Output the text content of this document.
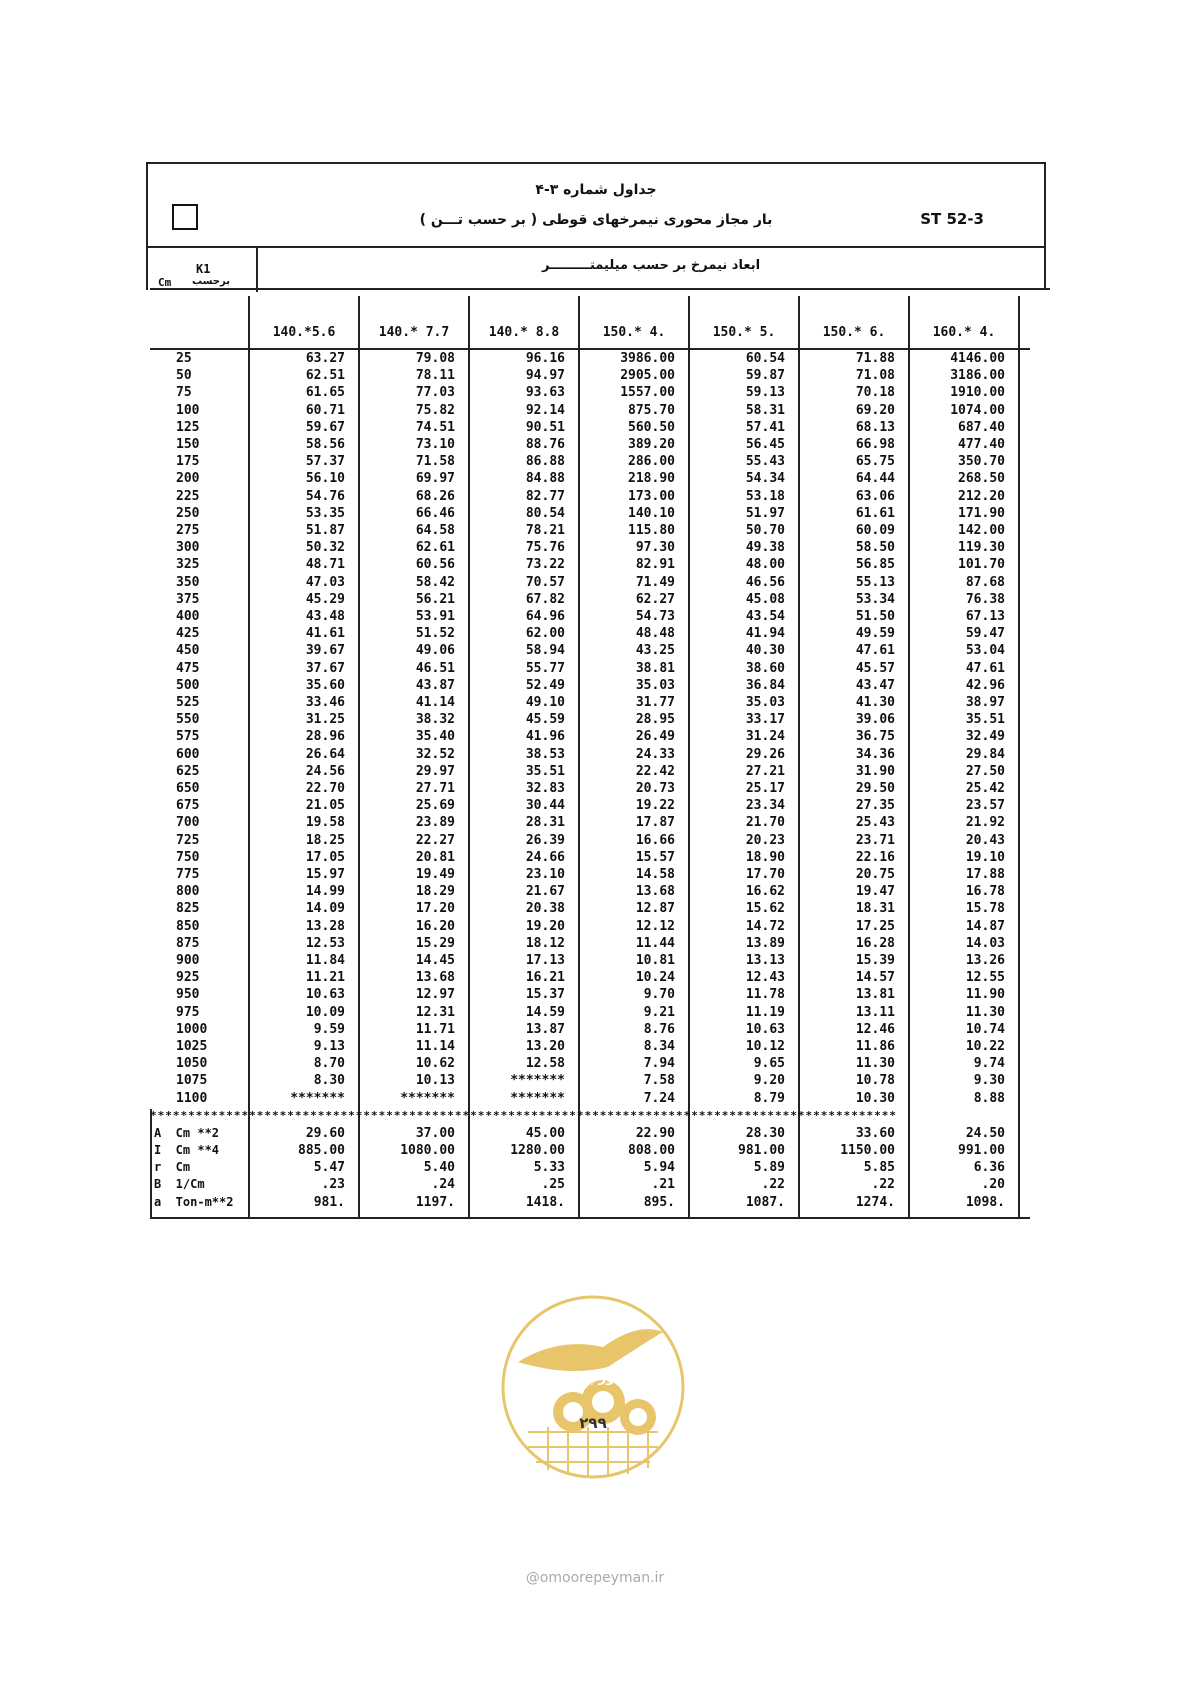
جداول شماره ۳-۴
بار مجاز محوری نیمرخهای قوطی ( بر حسب تـــن )	ST 52-3
K1
Cm برحسب
ابعاد نیمرخ بر حسب میلیمتـــــــــر
140.*5.6	140.* 7.7	140.* 8.8	150.* 4.	150.* 5.	150.* 6.	160.* 4.
25	63.27	79.08	96.16	3986.00	60.54	71.88	4146.00
50	62.51	78.11	94.97	2905.00	59.87	71.08	3186.00
75	61.65	77.03	93.63	1557.00	59.13	70.18	1910.00
100	60.71	75.82	92.14	875.70	58.31	69.20	1074.00
125	59.67	74.51	90.51	560.50	57.41	68.13	687.40
150	58.56	73.10	88.76	389.20	56.45	66.98	477.40
175	57.37	71.58	86.88	286.00	55.43	65.75	350.70
200	56.10	69.97	84.88	218.90	54.34	64.44	268.50
225	54.76	68.26	82.77	173.00	53.18	63.06	212.20
250	53.35	66.46	80.54	140.10	51.97	61.61	171.90
275	51.87	64.58	78.21	115.80	50.70	60.09	142.00
300	50.32	62.61	75.76	97.30	49.38	58.50	119.30
325	48.71	60.56	73.22	82.91	48.00	56.85	101.70
350	47.03	58.42	70.57	71.49	46.56	55.13	87.68
375	45.29	56.21	67.82	62.27	45.08	53.34	76.38
400	43.48	53.91	64.96	54.73	43.54	51.50	67.13
425	41.61	51.52	62.00	48.48	41.94	49.59	59.47
450	39.67	49.06	58.94	43.25	40.30	47.61	53.04
475	37.67	46.51	55.77	38.81	38.60	45.57	47.61
500	35.60	43.87	52.49	35.03	36.84	43.47	42.96
525	33.46	41.14	49.10	31.77	35.03	41.30	38.97
550	31.25	38.32	45.59	28.95	33.17	39.06	35.51
575	28.96	35.40	41.96	26.49	31.24	36.75	32.49
600	26.64	32.52	38.53	24.33	29.26	34.36	29.84
625	24.56	29.97	35.51	22.42	27.21	31.90	27.50
650	22.70	27.71	32.83	20.73	25.17	29.50	25.42
675	21.05	25.69	30.44	19.22	23.34	27.35	23.57
700	19.58	23.89	28.31	17.87	21.70	25.43	21.92
725	18.25	22.27	26.39	16.66	20.23	23.71	20.43
750	17.05	20.81	24.66	15.57	18.90	22.16	19.10
775	15.97	19.49	23.10	14.58	17.70	20.75	17.88
800	14.99	18.29	21.67	13.68	16.62	19.47	16.78
825	14.09	17.20	20.38	12.87	15.62	18.31	15.78
850	13.28	16.20	19.20	12.12	14.72	17.25	14.87
875	12.53	15.29	18.12	11.44	13.89	16.28	14.03
900	11.84	14.45	17.13	10.81	13.13	15.39	13.26
925	11.21	13.68	16.21	10.24	12.43	14.57	12.55
950	10.63	12.97	15.37	9.70	11.78	13.81	11.90
975	10.09	12.31	14.59	9.21	11.19	13.11	11.30
1000	9.59	11.71	13.87	8.76	10.63	12.46	10.74
1025	9.13	11.14	13.20	8.34	10.12	11.86	10.22
1050	8.70	10.62	12.58	7.94	9.65	11.30	9.74
1075	8.30	10.13	*******	7.58	9.20	10.78	9.30
1100	*******	*******	*******	7.24	8.79	10.30	8.88
**************************************************************************************************
A  Cm **2	29.60	37.00	45.00	22.90	28.30	33.60	24.50
I  Cm **4	885.00	1080.00	1280.00	808.00	981.00	1150.00	991.00
r  Cm	5.47	5.40	5.33	5.94	5.89	5.85	6.36
B  1/Cm	.23	.24	.25	.21	.22	.22	.20
a  Ton-m**2	981.	1197.	1418.	895.	1087.	1274.	1098.
امور پیمان
۲۹۹
@omoorepeyman.ir
